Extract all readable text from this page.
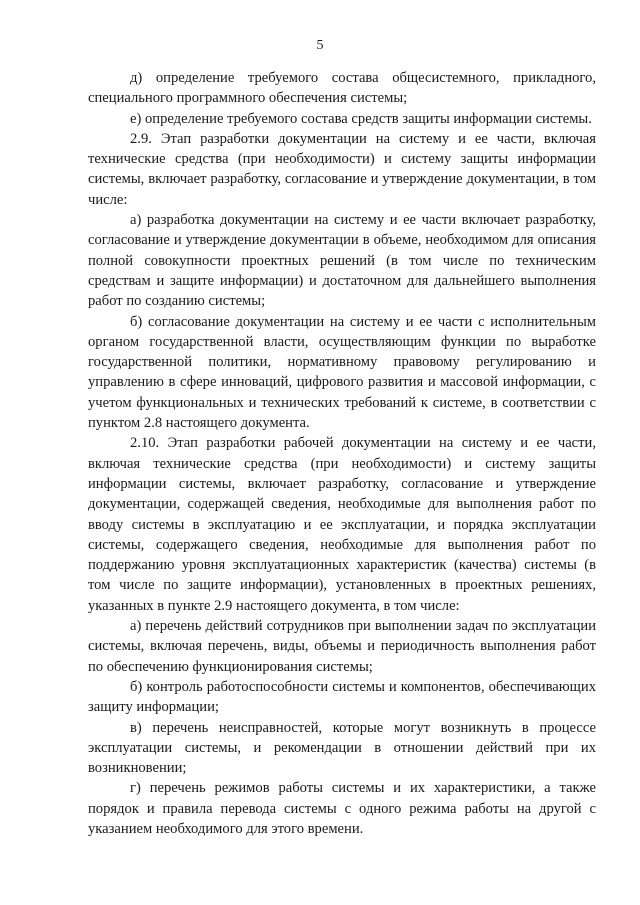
5

д) определение требуемого состава общесистемного, прикладного, специального программного обеспечения системы;

е) определение требуемого состава средств защиты информации системы.

2.9. Этап разработки документации на систему и ее части, включая технические средства (при необходимости) и систему защиты информации системы, включает разработку, согласование и утверждение документации, в том числе:

а) разработка документации на систему и ее части включает разработку, согласование и утверждение документации в объеме, необходимом для описания полной совокупности проектных решений (в том числе по техническим средствам и защите информации) и достаточном для дальнейшего выполнения работ по созданию системы;

б) согласование документации на систему и ее части с исполнительным органом государственной власти, осуществляющим функции по выработке государственной политики, нормативному правовому регулированию и управлению в сфере инноваций, цифрового развития и массовой информации, с учетом функциональных и технических требований к системе, в соответствии с пунктом 2.8 настоящего документа.

2.10. Этап разработки рабочей документации на систему и ее части, включая технические средства (при необходимости) и систему защиты информации системы, включает разработку, согласование и утверждение документации, содержащей сведения, необходимые для выполнения работ по вводу системы в эксплуатацию и ее эксплуатации, и порядка эксплуатации системы, содержащего сведения, необходимые для выполнения работ по поддержанию уровня эксплуатационных характеристик (качества) системы (в том числе по защите информации), установленных в проектных решениях, указанных в пункте 2.9 настоящего документа, в том числе:

а) перечень действий сотрудников при выполнении задач по эксплуатации системы, включая перечень, виды, объемы и периодичность выполнения работ по обеспечению функционирования системы;

б) контроль работоспособности системы и компонентов, обеспечивающих защиту информации;

в) перечень неисправностей, которые могут возникнуть в процессе эксплуатации системы, и рекомендации в отношении действий при их возникновении;

г) перечень режимов работы системы и их характеристики, а также порядок и правила перевода системы с одного режима работы на другой с указанием необходимого для этого времени.
